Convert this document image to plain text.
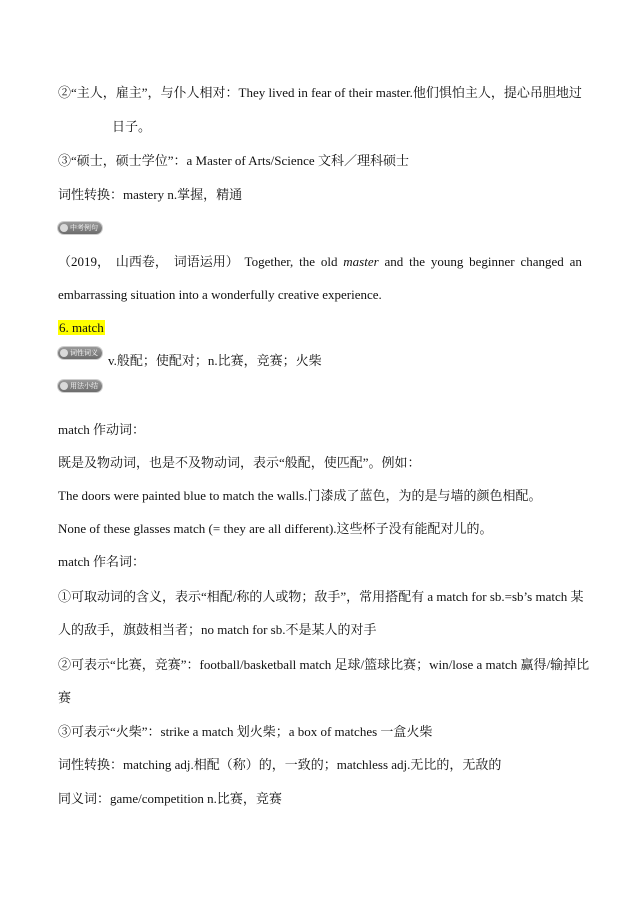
②“主人，雇主”，与仆人相对：They lived in fear of their master.他们惧怕主人，提心吊胆地过
日子。
③“硕士，硕士学位”：a Master of Arts/Science 文科／理科硕士
词性转换：mastery n.掌握，精通
中考例句
（2019， 山西卷， 词语运用） Together, the old master and the young beginner changed an
embarrassing situation into a wonderfully creative experience.
6. match
词性词义 v.般配；使配对；n.比赛，竞赛；火柴
用法小结
match 作动词：
既是及物动词，也是不及物动词，表示“般配，使匹配”。例如：
The doors were painted blue to match the walls.门漆成了蓝色，为的是与墙的颜色相配。
None of these glasses match (= they are all different).这些杯子没有能配对儿的。
match 作名词：
①可取动词的含义，表示“相配/称的人或物；敌手”，常用搭配有 a match for sb.=sb’s match 某
人的敌手，旗鼓相当者；no match for sb.不是某人的对手
②可表示“比赛，竞赛”：football/basketball match 足球/篮球比赛；win/lose a match 赢得/输掉比
赛
③可表示“火柴”：strike a match 划火柴；a box of matches 一盒火柴
词性转换：matching adj.相配（称）的，一致的；matchless adj.无比的，无敌的
同义词：game/competition n.比赛，竞赛
